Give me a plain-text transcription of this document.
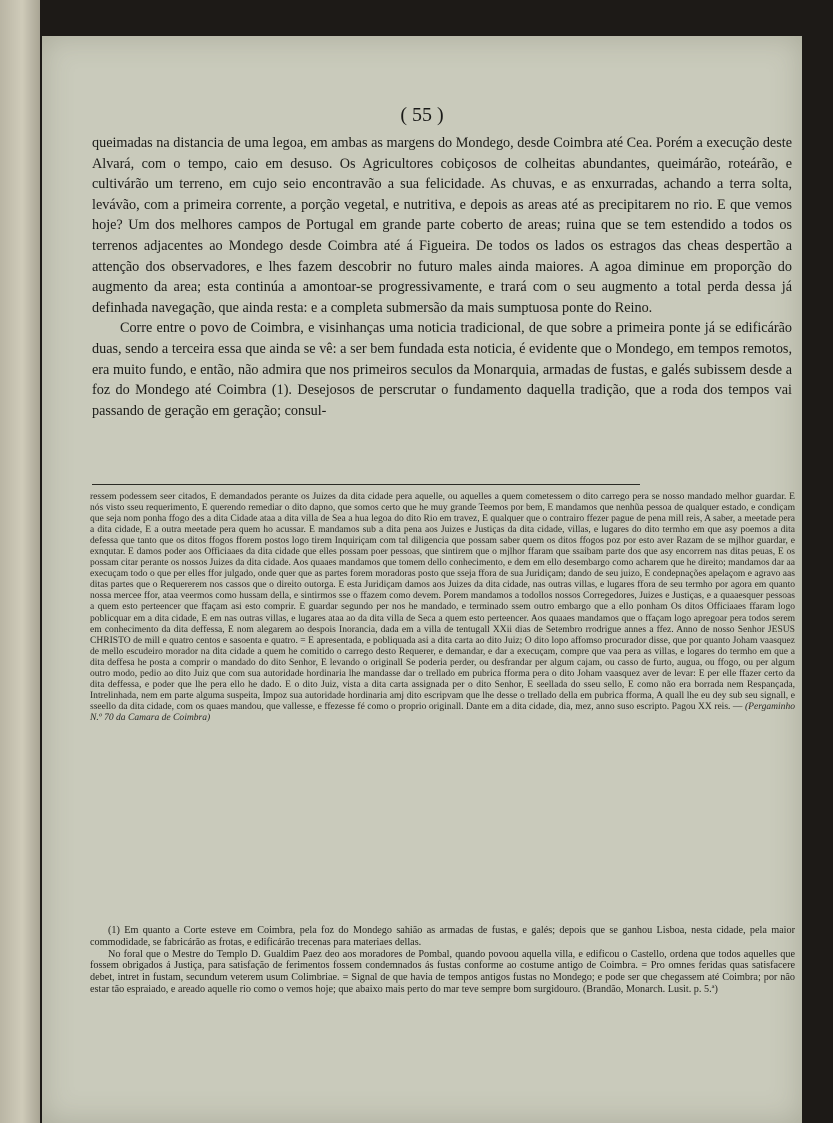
( 55 )

queimadas na distancia de uma legoa, em ambas as margens do Mondego, desde Coimbra até Cea. Porém a execução deste Alvará, com o tempo, caio em desuso. Os Agricultores cobiçosos de colheitas abundantes, queimárão, roteárão, e cultivárão um terreno, em cujo seio encontravão a sua felicidade. As chuvas, e as enxurradas, achando a terra solta, levávão, com a primeira corrente, a porção vegetal, e nutritiva, e depois as areas até as precipitarem no rio. E que vemos hoje? Um dos melhores campos de Portugal em grande parte coberto de areas; ruina que se tem estendido a todos os terrenos adjacentes ao Mondego desde Coimbra até á Figueira. De todos os lados os estragos das cheas despertão a attenção dos observadores, e lhes fazem descobrir no futuro males ainda maiores. A agoa diminue em proporção do augmento da area; esta continúa a amontoar-se progressivamente, e trará com o seu augmento a total perda dessa já definhada navegação, que ainda resta: e a completa submersão da mais sumptuosa ponte do Reino.

Corre entre o povo de Coimbra, e visinhanças uma noticia tradicional, de que sobre a primeira ponte já se edificárão duas, sendo a terceira essa que ainda se vê: a ser bem fundada esta noticia, é evidente que o Mondego, em tempos remotos, era muito fundo, e então, não admira que nos primeiros seculos da Monarquia, armadas de fustas, e galés subissem desde a foz do Mondego até Coimbra (1). Desejosos de perscrutar o fundamento daquella tradição, que a roda dos tempos vai passando de geração em geração; consul-

ressem podessem seer citados, E demandados perante os Juizes da dita cidade pera aquelle, ou aquelles a quem cometessem o dito carrego pera se nosso mandado melhor guardar. E nós visto sseu requerimento, E querendo remediar o dito dapno, que somos certo que he muy grande Teemos por bem, E mandamos que nenhũa pessoa de qualquer estado, e condiçam que seja nom ponha ffogo des a dita Cidade ataa a dita villa de Sea a hua legoa do dito Rio em travez, E qualquer que o contrairo ffezer pague de pena mill reis, A saber, a meetade pera a dita cidade, E a outra meetade pera quem ho acussar. E mandamos sub a dita pena aos Juizes e Justiças da dita cidade, villas, e lugares do dito termho em que asy poemos a dita defessa que tanto que os ditos ffogos fforem postos logo tirem Inquiriçam com tal diligencia que possam saber quem os ditos ffogos poz por esto aver Razam de se mjlhor guardar, e exnqutar. E damos poder aos Officiaaes da dita cidade que elles possam poer pessoas, que sintirem que o mjlhor ffaram que ssaibam parte dos que asy encorrem nas ditas peuas, E os possam citar perante os nossos Juizes da dita cidade. Aos quaaes mandamos que tomem dello conhecimento, e dem em ello desembargo como acharem que he direito; mandamos dar aa execuçam todo o que per elles ffor julgado, onde quer que as partes forem moradoras posto que sseja ffora de sua Juridiçam; dando de seu juizo, E condepnações apelaçom e agravo aas ditas partes que o Requererem nos cassos que o direito outorga. E esta Juridiçam damos aos Juizes da dita cidade, nas outras villas, e lugares ffora de seu termho por agora em quanto nossa mercee ffor, ataa veermos como hussam della, e sintirmos sse o ffazem como devem. Porem mandamos a todollos nossos Corregedores, Juizes e Justiças, e a quaaesquer pessoas a quem esto perteencer que ffaçam asi esto comprir. E guardar segundo per nos he mandado, e terminado ssem outro embargo que a ello ponham Os ditos Officiaaes ffaram logo poblicquar em a dita cidade, E em nas outras villas, e lugares ataa ao da dita villa de Seca a quem esto perteencer. Aos quaaes mandamos que o ffaçam logo apregoar pera todos serem em conhecimento da dita deffessa, E nom alegarem ao despois Inorancia, dada em a villa de tentugall XXii dias de Setembro rrodrigue annes a ffez. Anno de nosso Senhor JESUS CHRISTO de mill e quatro centos e sasoenta e quatro. = E apresentada, e pobliquada asi a dita carta ao dito Juiz; O dito lopo affomso procurador disse, que por quanto Joham vaasquez de mello escudeiro morador na dita cidade a quem he comitido o carrego desto Requerer, e demandar, e dar a execuçam, compre que vaa pera as villas, e logares do termho em que a dita deffesa he posta a comprir o mandado do dito Senhor, E levando o originall Se poderia perder, ou desfrandar per algum cajam, ou casso de furto, augua, ou ffogo, ou per algum outro modo, pedio ao dito Juiz que com sua autoridade hordinaria lhe mandasse dar o trellado em pubrica fforma pera o dito Joham vaasquez aver de levar: E per elle ffazer certo da dita deffessa, e poder que lhe pera ello he dado. E o dito Juiz, vista a dita carta assignada per o dito Senhor, E seellada do sseu sello, E como não era borrada nem Respançada, Intrelinhada, nem em parte alguma suspeita, Impoz sua autoridade hordinaria amj dito escripvam que lhe desse o trellado della em pubrica fforma, A quall lhe eu dey sub seu signall, e sseello da dita cidade, com os quaes mandou, que vallesse, e ffezesse fé como o proprio originall. Dante em a dita cidade, dia, mez, anno suso escripto. Pagou XX reis. — (Pergaminho N.º 70 da Camara de Coimbra)

(1) Em quanto a Corte esteve em Coimbra, pela foz do Mondego sahião as armadas de fustas, e galés; depois que se ganhou Lisboa, nesta cidade, pela maior commodidade, se fabricárão as frotas, e edificárão trecenas para materiaes dellas.

No foral que o Mestre do Templo D. Gualdim Paez deo aos moradores de Pombal, quando povoou aquella villa, e edificou o Castello, ordena que todos aquelles que fossem obrigados á Justiça, para satisfação de ferimentos fossem condemnados ás fustas conforme ao costume antigo de Coimbra. = Pro omnes feridas quas satisfacere debet, intret in fustam, secundum veterem usum Colimbriae. = Signal de que havia de tempos antigos fustas no Mondego; e pode ser que chegassem até Coimbra; por não estar tão espraiado, e areado aquelle rio como o vemos hoje; que abaixo mais perto do mar teve sempre bom surgidouro. (Brandão, Monarch. Lusit. p. 5.ª)
